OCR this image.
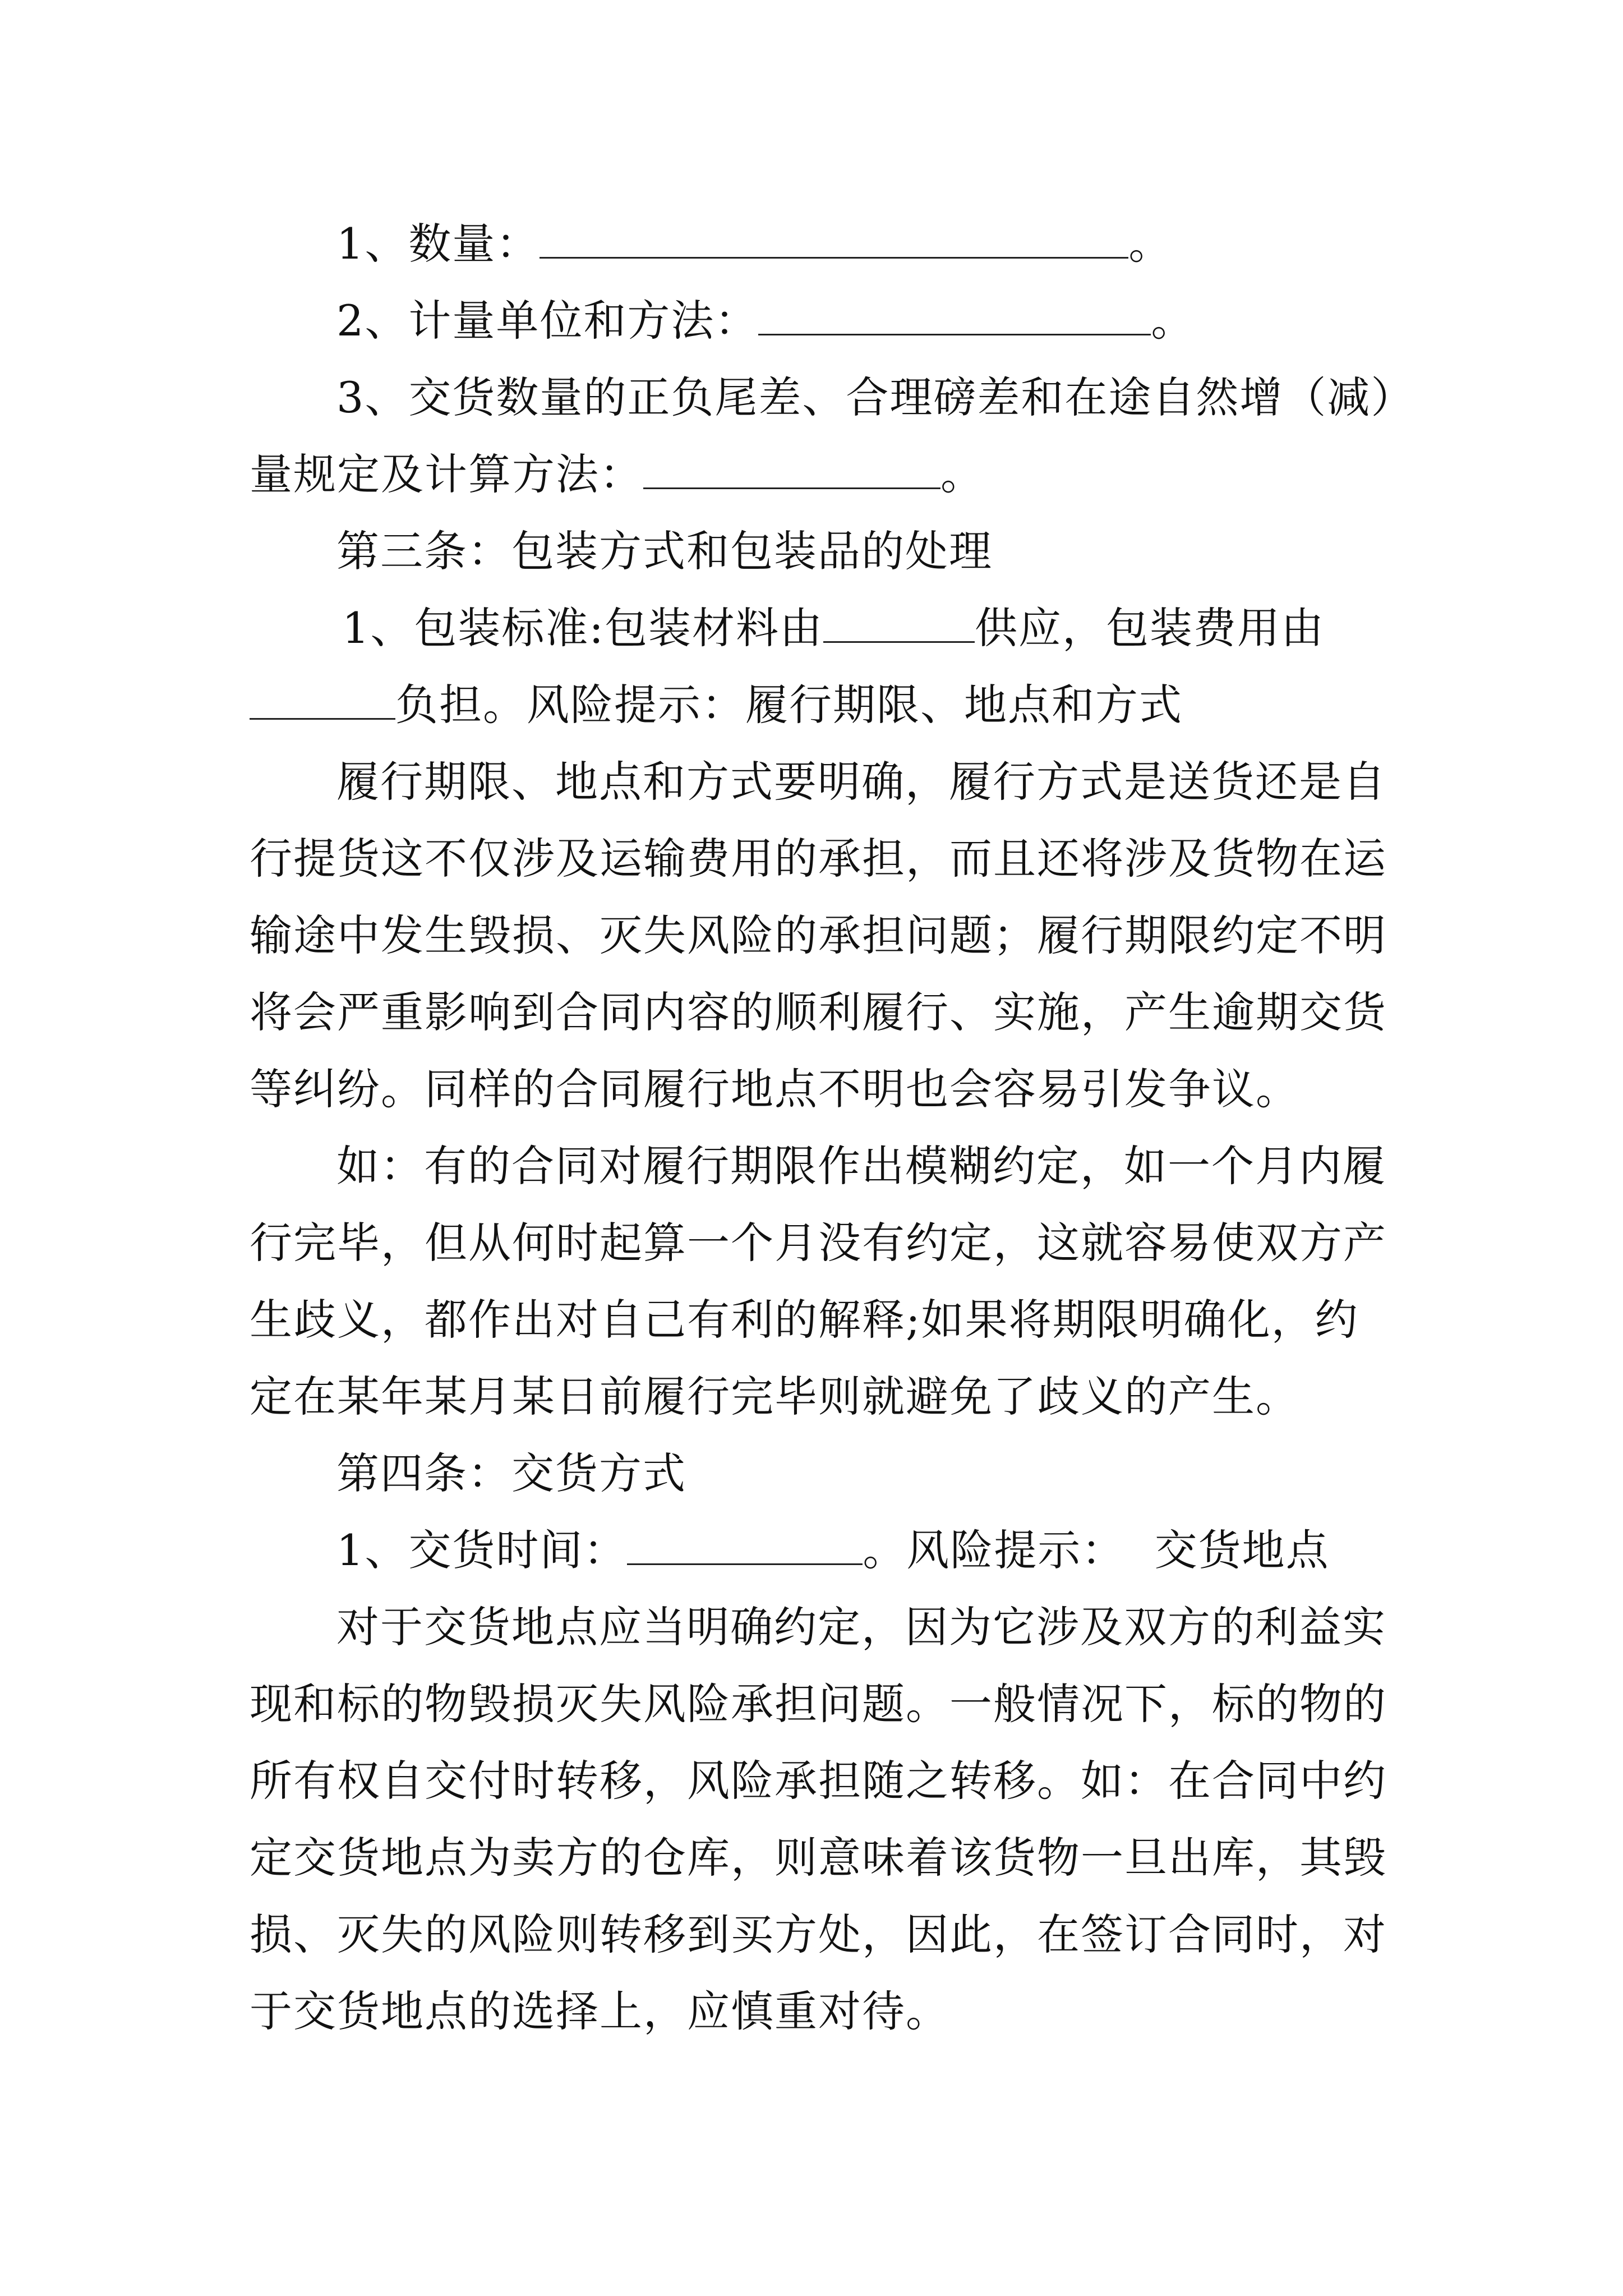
1、数量：	。
2、计量单位和方法：	。
3、交货数量的正负尾差、合理磅差和在途自然增（减）
量规定及计算方法：	。
第三条：包装方式和包装品的处理
1、包装标准:包装材料由	供应，包装费用由
负担。风险提示：履行期限、地点和方式
履行期限、地点和方式要明确，履行方式是送货还是自
行提货这不仅涉及运输费用的承担，而且还将涉及货物在运
输途中发生毁损、灭失风险的承担问题；履行期限约定不明
将会严重影响到合同内容的顺利履行、实施，产生逾期交货
等纠纷。同样的合同履行地点不明也会容易引发争议。
如：有的合同对履行期限作出模糊约定，如一个月内履
行完毕，但从何时起算一个月没有约定，这就容易使双方产
生歧义，都作出对自己有利的解释;如果将期限明确化，约
定在某年某月某日前履行完毕则就避免了歧义的产生。
第四条：交货方式
1、交货时间：	。风险提示：  交货地点
对于交货地点应当明确约定，因为它涉及双方的利益实
现和标的物毁损灭失风险承担问题。一般情况下，标的物的
所有权自交付时转移，风险承担随之转移。如：在合同中约
定交货地点为卖方的仓库，则意味着该货物一旦出库，其毁
损、灭失的风险则转移到买方处，因此，在签订合同时，对
于交货地点的选择上，应慎重对待。
